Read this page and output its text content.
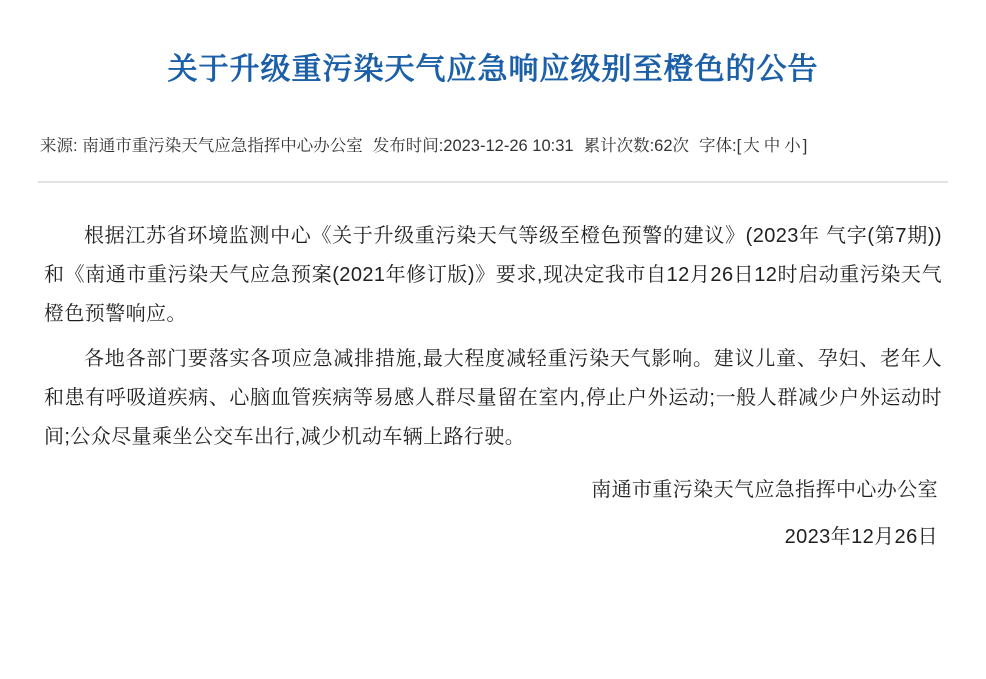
关于升级重污染天气应急响应级别至橙色的公告
来源: 南通市重污染天气应急指挥中心办公室 发布时间:2023-12-26 10:31 累计次数:62次 字体:[ 大 中 小 ]

根据江苏省环境监测中心《关于升级重污染天气等级至橙色预警的建议》(2023年 气字(第7期))和《南通市重污染天气应急预案(2021年修订版)》要求,现决定我市自12月26日12时启动重污染天气橙色预警响应。

各地各部门要落实各项应急减排措施,最大程度减轻重污染天气影响。建议儿童、孕妇、老年人和患有呼吸道疾病、心脑血管疾病等易感人群尽量留在室内,停止户外运动;一般人群减少户外运动时间;公众尽量乘坐公交车出行,减少机动车辆上路行驶。

南通市重污染天气应急指挥中心办公室
2023年12月26日
